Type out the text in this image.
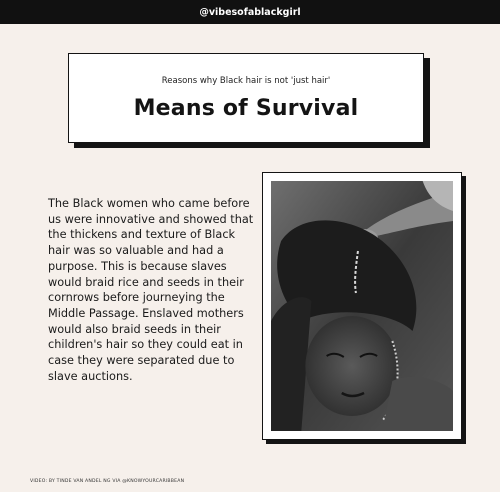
@vibesofablackgirl
Reasons why Black hair is not 'just hair'
Means of Survival
The Black women who came before us were innovative and showed that the thickens and texture of Black hair was so valuable and had a purpose. This is because slaves would braid rice and seeds in their cornrows before journeying the Middle Passage. Enslaved mothers would also braid seeds in their children's hair so they could eat in case they were separated due to slave auctions.
VIDEO: BY TINDE VAN ANDEL NG VIA @KNOWYOURCARIBBEAN
